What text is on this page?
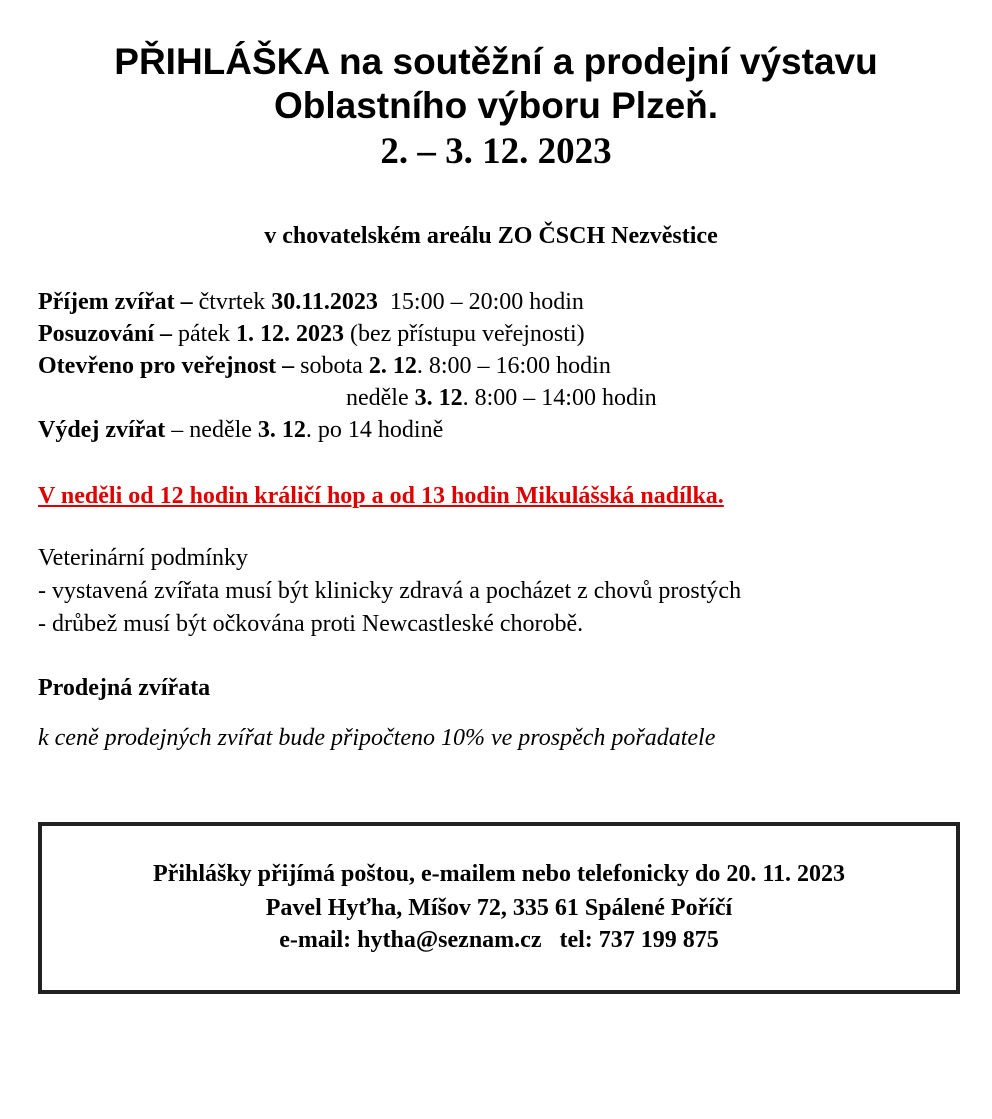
PŘIHLÁŠKA na soutěžní a prodejní výstavu
Oblastního výboru Plzeň.
2. – 3. 12. 2023
v chovatelském areálu ZO ČSCH Nezvěstice
Příjem zvířat – čtvrtek 30.11.2023  15:00 – 20:00 hodin
Posuzování – pátek 1. 12. 2023 (bez přístupu veřejnosti)
Otevřeno pro veřejnost – sobota 2. 12. 8:00 – 16:00 hodin
neděle 3. 12. 8:00 – 14:00 hodin
Výdej zvířat – neděle 3. 12. po 14 hodině
V neděli od 12 hodin králičí hop a od 13 hodin Mikulášská nadílka.
Veterinární podmínky
- vystavená zvířata musí být klinicky zdravá a pocházet z chovů prostých
- drůbež musí být očkována proti Newcastleské chorobě.
Prodejná zvířata
k ceně prodejných zvířat bude připočteno 10% ve prospěch pořadatele
Přihlášky přijímá poštou, e-mailem nebo telefonicky do 20. 11. 2023
Pavel Hyťha, Míšov 72, 335 61 Spálené Poříčí
e-mail: hytha@seznam.cz   tel: 737 199 875
